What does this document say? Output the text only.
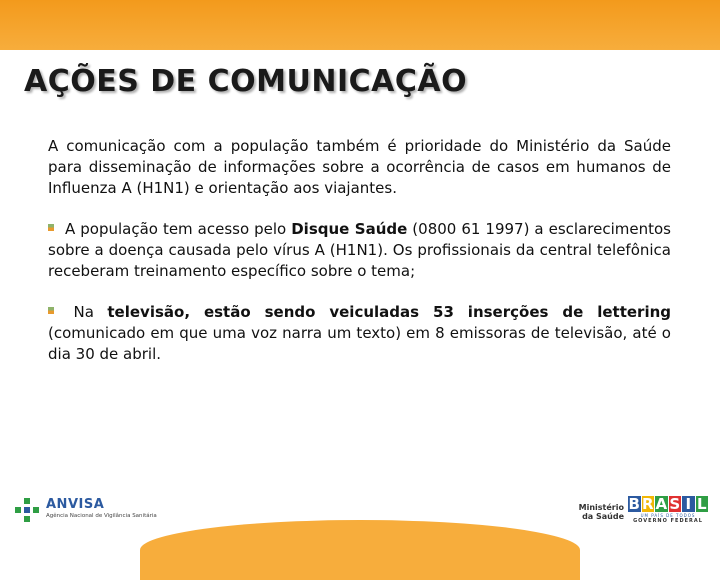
AÇÕES DE COMUNICAÇÃO

A comunicação com a população também é prioridade do Ministério da Saúde para disseminação de informações sobre a ocorrência de casos em humanos de Influenza A (H1N1) e orientação aos viajantes.

A população tem acesso pelo Disque Saúde (0800 61 1997) a esclarecimentos sobre a doença causada pelo vírus A (H1N1). Os profissionais da central telefônica receberam treinamento específico sobre o tema;

Na televisão, estão sendo veiculadas 53 inserções de lettering (comunicado em que uma voz narra um texto) em 8 emissoras de televisão, até o dia 30 de abril.

ANVISA
Agência Nacional de Vigilância Sanitária
Ministério
da Saúde
B R A S I L
UM PAÍS DE TODOS
GOVERNO FEDERAL
